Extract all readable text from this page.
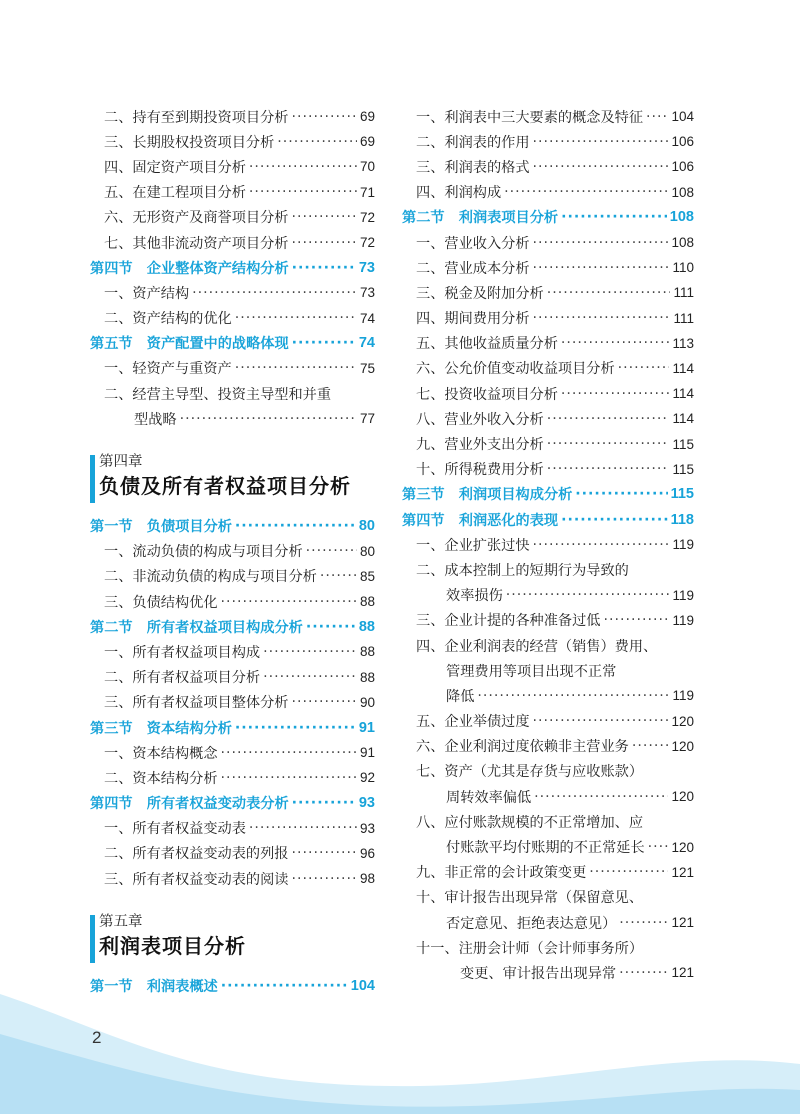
二、持有至到期投资项目分析 ·····	69
三、长期股权投资项目分析 ·····	69
四、固定资产项目分析 ·····	70
五、在建工程项目分析 ·····	71
六、无形资产及商誉项目分析 ·····	72
七、其他非流动资产项目分析 ·····	72
第四节　企业整体资产结构分析 ·····	73
一、资产结构 ·····	73
二、资产结构的优化 ·····	74
第五节　资产配置中的战略体现 ·····	74
一、轻资产与重资产 ·····	75
二、经营主导型、投资主导型和并重
型战略 ·····	77
第四章
负债及所有者权益项目分析
第一节　负债项目分析 ·····	80
一、流动负债的构成与项目分析 ·····	80
二、非流动负债的构成与项目分析 ·····	85
三、负债结构优化 ·····	88
第二节　所有者权益项目构成分析 ·····	88
一、所有者权益项目构成 ·····	88
二、所有者权益项目分析 ·····	88
三、所有者权益项目整体分析 ·····	90
第三节　资本结构分析 ·····	91
一、资本结构概念 ·····	91
二、资本结构分析 ·····	92
第四节　所有者权益变动表分析 ·····	93
一、所有者权益变动表 ·····	93
二、所有者权益变动表的列报 ·····	96
三、所有者权益变动表的阅读 ·····	98
第五章
利润表项目分析
第一节　利润表概述 ·····	104
一、利润表中三大要素的概念及特征 ····· 104
二、利润表的作用 ·····	106
三、利润表的格式 ·····	106
四、利润构成 ·····	108
第二节　利润表项目分析 ·····	108
一、营业收入分析 ·····	108
二、营业成本分析 ·····	110
三、税金及附加分析 ·····	111
四、期间费用分析 ·····	111
五、其他收益质量分析 ·····	113
六、公允价值变动收益项目分析 ·····	114
七、投资收益项目分析 ·····	114
八、营业外收入分析 ·····	114
九、营业外支出分析 ·····	115
十、所得税费用分析 ·····	115
第三节　利润项目构成分析 ·····	115
第四节　利润恶化的表现 ·····	118
一、企业扩张过快 ·····	119
二、成本控制上的短期行为导致的
效率损伤 ·····	119
三、企业计提的各种准备过低 ·····	119
四、企业利润表的经营（销售）费用、
管理费用等项目出现不正常
降低 ·····	119
五、企业举债过度 ·····	120
六、企业利润过度依赖非主营业务 ·····	120
七、资产（尤其是存货与应收账款）
周转效率偏低 ·····	120
八、应付账款规模的不正常增加、应
付账款平均付账期的不正常延长 ····· 120
九、非正常的会计政策变更 ·····	121
十、审计报告出现异常（保留意见、
否定意见、拒绝表达意见） ·····	121
十一、注册会计师（会计师事务所）
变更、审计报告出现异常 ·····	121
2
